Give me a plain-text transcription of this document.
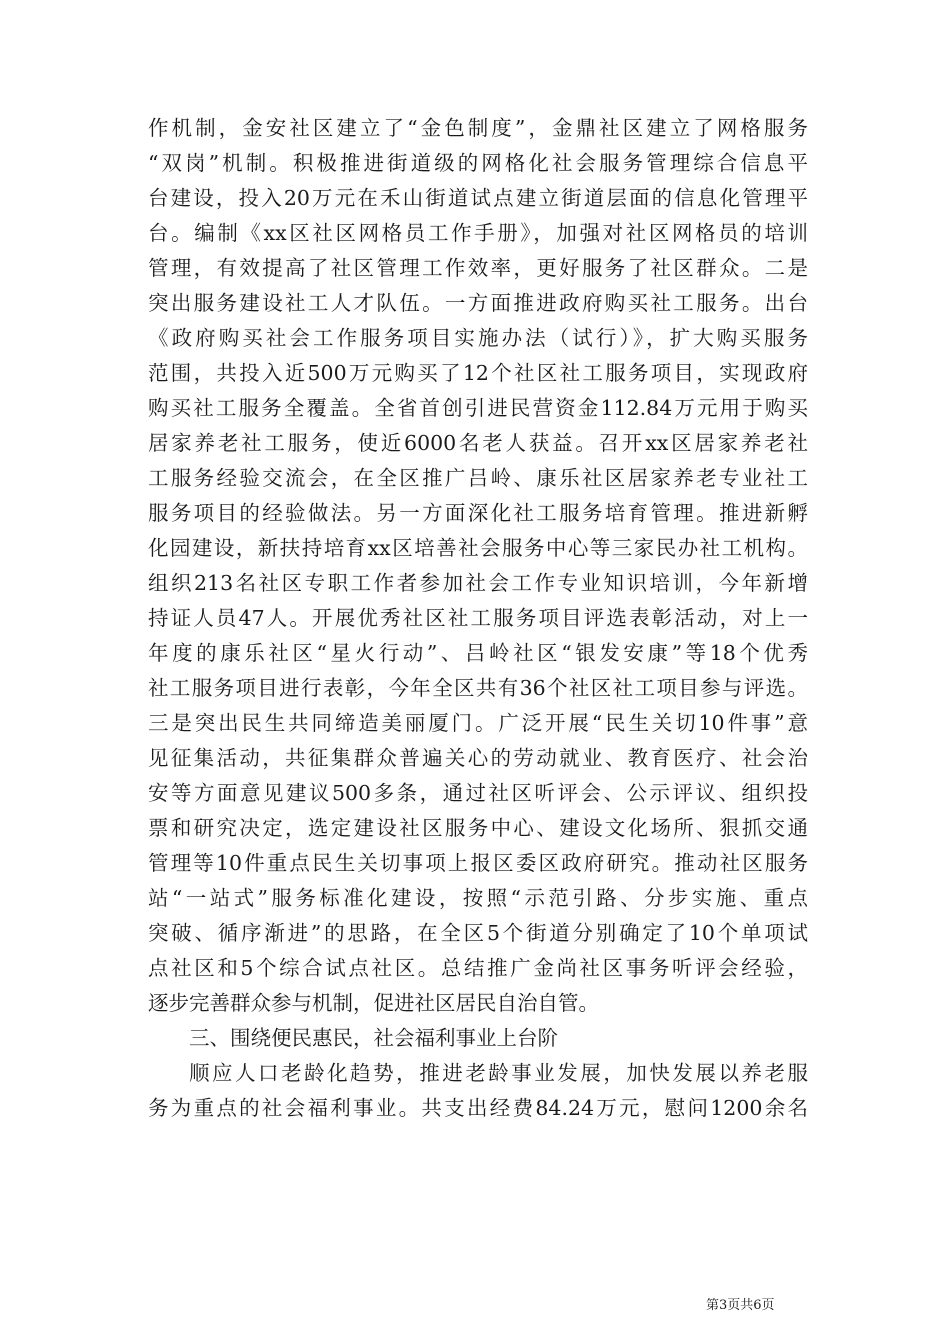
作机制，金安社区建立了“金色制度”，金鼎社区建立了网格服务
“双岗”机制。积极推进街道级的网格化社会服务管理综合信息平
台建设，投入20万元在禾山街道试点建立街道层面的信息化管理平
台。编制《xx区社区网格员工作手册》，加强对社区网格员的培训
管理，有效提高了社区管理工作效率，更好服务了社区群众。二是
突出服务建设社工人才队伍。一方面推进政府购买社工服务。出台
《政府购买社会工作服务项目实施办法（试行）》，扩大购买服务
范围，共投入近500万元购买了12个社区社工服务项目，实现政府
购买社工服务全覆盖。全省首创引进民营资金112.84万元用于购买
居家养老社工服务，使近6000名老人获益。召开xx区居家养老社
工服务经验交流会，在全区推广吕岭、康乐社区居家养老专业社工
服务项目的经验做法。另一方面深化社工服务培育管理。推进新孵
化园建设，新扶持培育xx区培善社会服务中心等三家民办社工机构。
组织213名社区专职工作者参加社会工作专业知识培训，今年新增
持证人员47人。开展优秀社区社工服务项目评选表彰活动，对上一
年度的康乐社区“星火行动”、吕岭社区“银发安康”等18个优秀
社工服务项目进行表彰，今年全区共有36个社区社工项目参与评选。
三是突出民生共同缔造美丽厦门。广泛开展“民生关切10件事”意
见征集活动，共征集群众普遍关心的劳动就业、教育医疗、社会治
安等方面意见建议500多条，通过社区听评会、公示评议、组织投
票和研究决定，选定建设社区服务中心、建设文化场所、狠抓交通
管理等10件重点民生关切事项上报区委区政府研究。推动社区服务
站“一站式”服务标准化建设，按照“示范引路、分步实施、重点
突破、循序渐进”的思路，在全区5个街道分别确定了10个单项试
点社区和5个综合试点社区。总结推广金尚社区事务听评会经验，
逐步完善群众参与机制，促进社区居民自治自管。
三、围绕便民惠民，社会福利事业上台阶
顺应人口老龄化趋势，推进老龄事业发展，加快发展以养老服
务为重点的社会福利事业。共支出经费84.24万元，慰问1200余名
第3页共6页
